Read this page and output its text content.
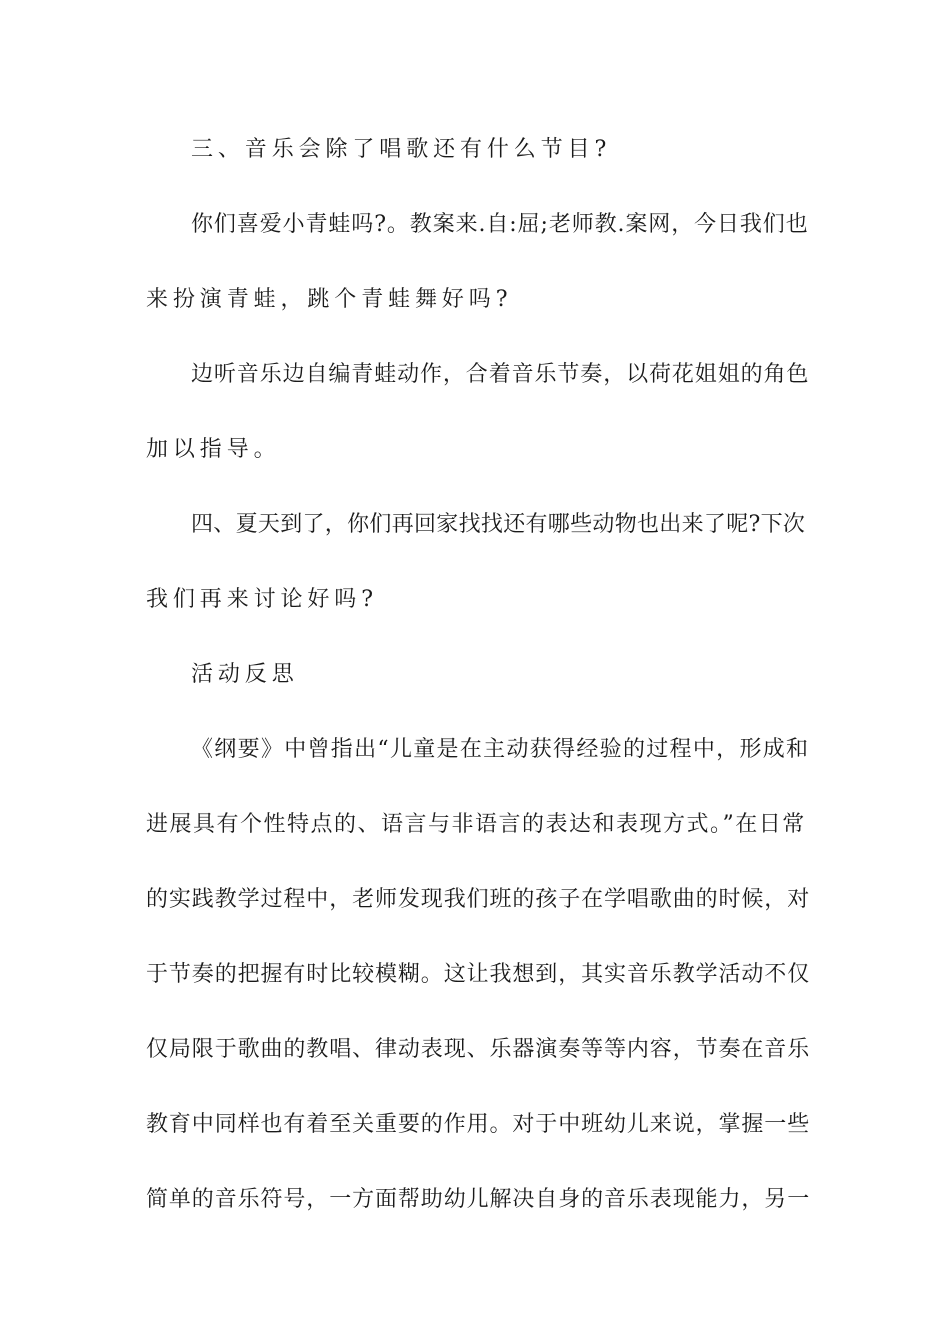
三、音乐会除了唱歌还有什么节目?
你们喜爱小青蛙吗?。教案来.自:屈;老师教.案网，今日我们也
来扮演青蛙，跳个青蛙舞好吗?
边听音乐边自编青蛙动作，合着音乐节奏，以荷花姐姐的角色
加以指导。
四、夏天到了，你们再回家找找还有哪些动物也出来了呢?下次
我们再来讨论好吗?
活动反思
《纲要》中曾指出“儿童是在主动获得经验的过程中，形成和
进展具有个性特点的、语言与非语言的表达和表现方式。”在日常
的实践教学过程中，老师发现我们班的孩子在学唱歌曲的时候，对
于节奏的把握有时比较模糊。这让我想到，其实音乐教学活动不仅
仅局限于歌曲的教唱、律动表现、乐器演奏等等内容，节奏在音乐
教育中同样也有着至关重要的作用。对于中班幼儿来说，掌握一些
简单的音乐符号，一方面帮助幼儿解决自身的音乐表现能力，另一
